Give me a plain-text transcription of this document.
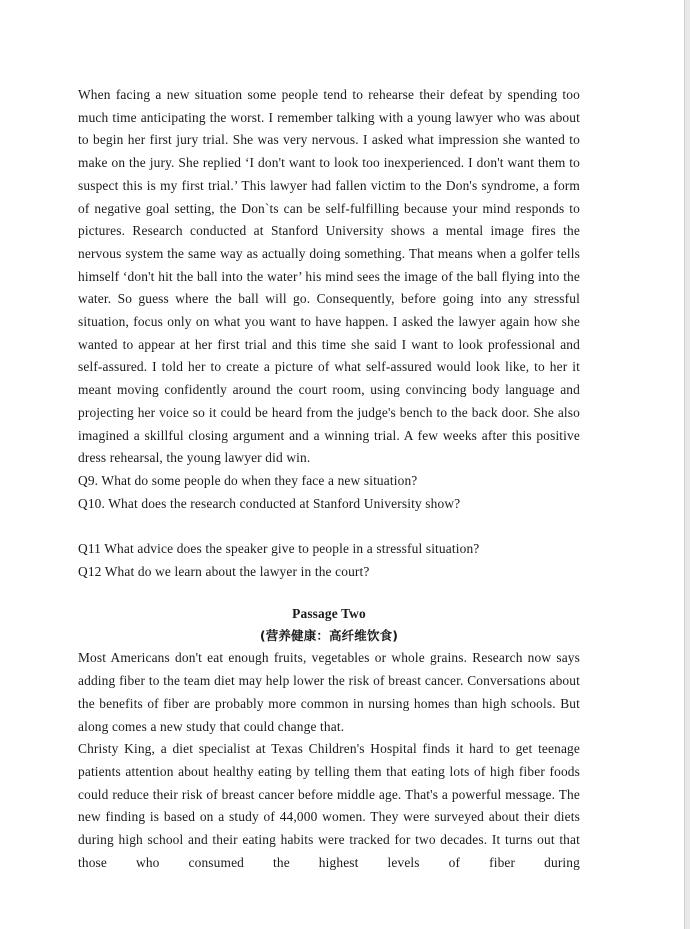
When facing a new situation some people tend to rehearse their defeat by spending too much time anticipating the worst. I remember talking with a young lawyer who was about to begin her first jury trial. She was very nervous. I asked what impression she wanted to make on the jury. She replied ‘I don't want to look too inexperienced. I don't want them to suspect this is my first trial.’ This lawyer had fallen victim to the Don's syndrome, a form of negative goal setting, the Don`ts can be self-fulfilling because your mind responds to pictures. Research conducted at Stanford University shows a mental image fires the nervous system the same way as actually doing something. That means when a golfer tells himself ‘don't hit the ball into the water’ his mind sees the image of the ball flying into the water. So guess where the ball will go. Consequently, before going into any stressful situation, focus only on what you want to have happen. I asked the lawyer again how she wanted to appear at her first trial and this time she said I want to look professional and self-assured. I told her to create a picture of what self-assured would look like, to her it meant moving confidently around the court room, using convincing body language and projecting her voice so it could be heard from the judge's bench to the back door. She also imagined a skillful closing argument and a winning trial. A few weeks after this positive dress rehearsal, the young lawyer did win.

Q9. What do some people do when they face a new situation?

Q10. What does the research conducted at Stanford University show?

Q11 What advice does the speaker give to people in a stressful situation?

Q12 What do we learn about the lawyer in the court?

Passage Two

(营养健康：高纤维饮食)

Most Americans don't eat enough fruits, vegetables or whole grains. Research now says adding fiber to the team diet may help lower the risk of breast cancer. Conversations about the benefits of fiber are probably more common in nursing homes than high schools. But along comes a new study that could change that.

Christy King, a diet specialist at Texas Children's Hospital finds it hard to get teenage patients attention about healthy eating by telling them that eating lots of high fiber foods could reduce their risk of breast cancer before middle age. That's a powerful message. The new finding is based on a study of 44,000 women. They were surveyed about their diets during high school and their eating habits were tracked for two decades. It turns out that those who consumed the highest levels of fiber during
